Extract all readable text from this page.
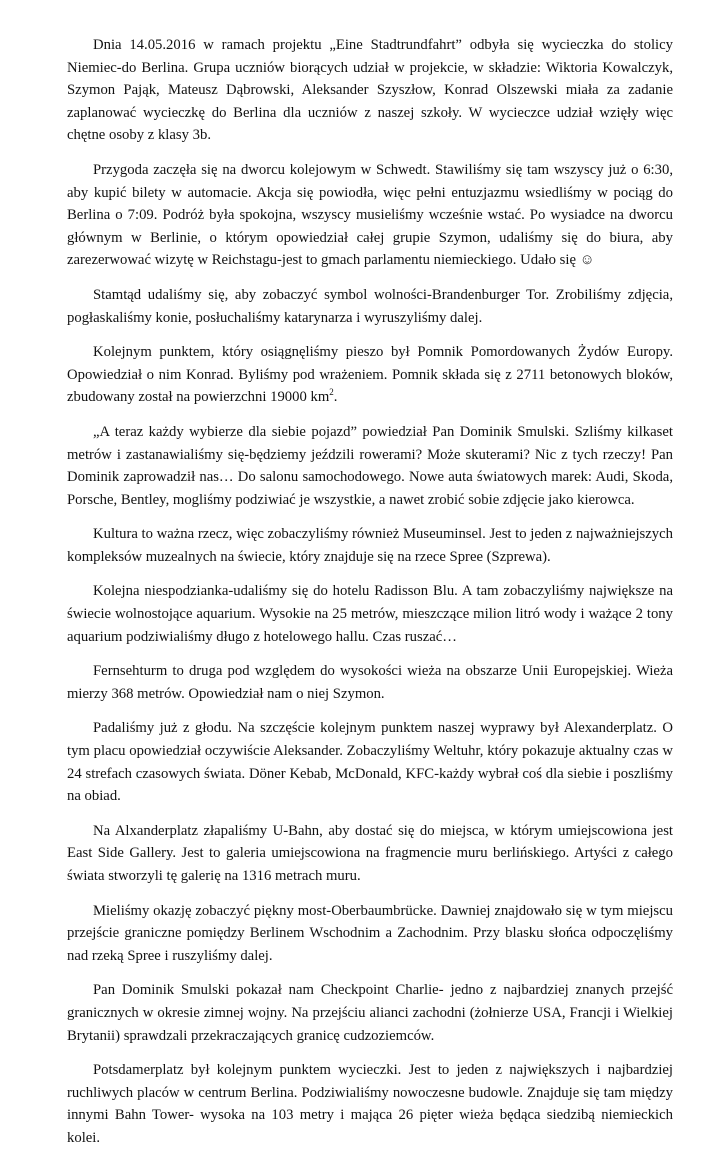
Dnia 14.05.2016 w ramach projektu „Eine Stadtrundfahrt” odbyła się wycieczka do stolicy Niemiec-do Berlina. Grupa uczniów biorących udział w projekcie, w składzie: Wiktoria Kowalczyk, Szymon Pająk, Mateusz Dąbrowski, Aleksander Szyszłow, Konrad Olszewski miała za zadanie zaplanować wycieczkę do Berlina dla uczniów z naszej szkoły. W wycieczce udział wzięły więc chętne osoby z klasy 3b.

Przygoda zaczęła się na dworcu kolejowym w Schwedt. Stawiliśmy się tam wszyscy już o 6:30, aby kupić bilety w automacie. Akcja się powiodła, więc pełni entuzjazmu wsiedliśmy w pociąg do Berlina o 7:09. Podróż była spokojna, wszyscy musieliśmy wcześnie wstać. Po wysiadce na dworcu głównym w Berlinie, o którym opowiedział całej grupie Szymon, udaliśmy się do biura, aby zarezerwować wizytę w Reichstagu-jest to gmach parlamentu niemieckiego. Udało się ☺

Stamtąd udaliśmy się, aby zobaczyć symbol wolności-Brandenburger Tor. Zrobiliśmy zdjęcia, pogłaskaliśmy konie, posłuchaliśmy katarynarza i wyruszyliśmy dalej.

Kolejnym punktem, który osiągnęliśmy pieszo był Pomnik Pomordowanych Żydów Europy. Opowiedział o nim Konrad. Byliśmy pod wrażeniem. Pomnik składa się z 2711 betonowych bloków, zbudowany został na powierzchni 19000 $km^2$.

„A teraz każdy wybierze dla siebie pojazd” powiedział Pan Dominik Smulski. Szliśmy kilkaset metrów i zastanawialiśmy się-będziemy jeździli rowerami? Może skuterami? Nic z tych rzeczy! Pan Dominik zaprowadził nas… Do salonu samochodowego. Nowe auta światowych marek: Audi, Skoda, Porsche, Bentley, mogliśmy podziwiać je wszystkie, a nawet zrobić sobie zdjęcie jako kierowca.

Kultura to ważna rzecz, więc zobaczyliśmy również Museuminsel. Jest to jeden z najważniejszych kompleksów muzealnych na świecie, który znajduje się na rzece Spree (Szprewa).

Kolejna niespodzianka-udaliśmy się do hotelu Radisson Blu. A tam zobaczyliśmy największe na świecie wolnostojące aquarium. Wysokie na 25 metrów, mieszczące milion litró wody i ważące 2 tony aquarium podziwialiśmy długo z hotelowego hallu. Czas ruszać…

Fernsehturm to druga pod względem do wysokości wieża na obszarze Unii Europejskiej. Wieża mierzy 368 metrów. Opowiedział nam o niej Szymon.

Padaliśmy już z głodu. Na szczęście kolejnym punktem naszej wyprawy był Alexanderplatz. O tym placu opowiedział oczywiście Aleksander. Zobaczyliśmy Weltuhr, który pokazuje aktualny czas w 24 strefach czasowych świata. Döner Kebab, McDonald, KFC-każdy wybrał coś dla siebie i poszliśmy na obiad.

Na Alxanderplatz złapaliśmy U-Bahn, aby dostać się do miejsca, w którym umiejscowiona jest East Side Gallery. Jest to galeria umiejscowiona na fragmencie muru berlińskiego. Artyści z całego świata stworzyli tę galerię na 1316 metrach muru.

Mieliśmy okazję zobaczyć piękny most-Oberbaumbrücke. Dawniej znajdowało się w tym miejscu przejście graniczne pomiędzy Berlinem Wschodnim a Zachodnim. Przy blasku słońca odpoczęliśmy nad rzeką Spree i ruszyliśmy dalej.

Pan Dominik Smulski pokazał nam Checkpoint Charlie- jedno z najbardziej znanych przejść granicznych w okresie zimnej wojny. Na przejściu alianci zachodni (żołnierze USA, Francji i Wielkiej Brytanii) sprawdzali przekraczających granicę cudzoziemców.

Potsdamerplatz był kolejnym punktem wycieczki. Jest to jeden z największych i najbardziej ruchliwych placów w centrum Berlina. Podziwialiśmy nowoczesne budowle. Znajduje się tam między innymi Bahn Tower- wysoka na 103 metry i mająca 26 pięter wieża będąca siedzibą niemieckich kolei.
